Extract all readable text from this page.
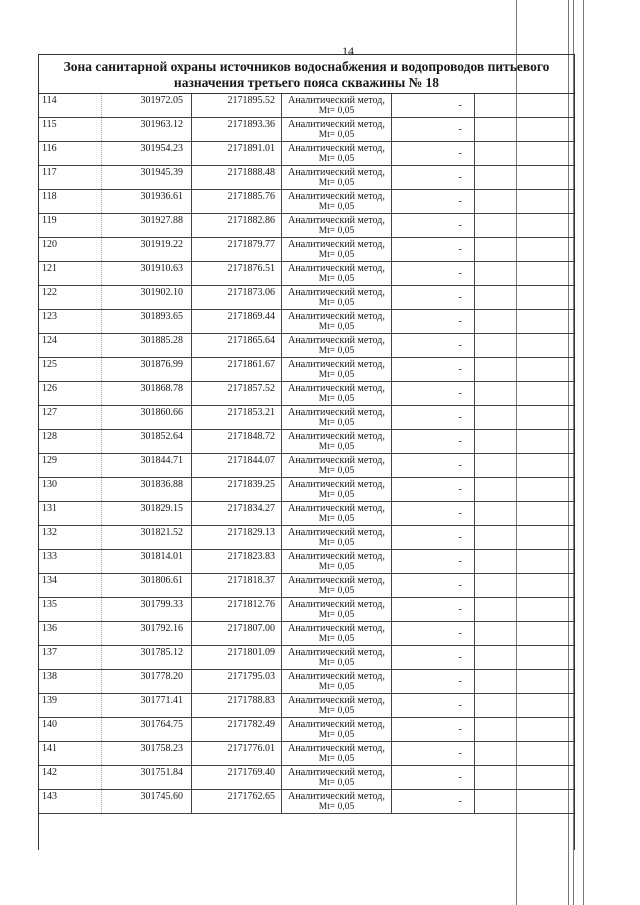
14
Зона санитарной охраны источников водоснабжения и водопроводов питьевого
назначения третьего пояса скважины № 18
114	301972.05	2171895.52	Аналитический метод,
Mt= 0,05	-
115	301963.12	2171893.36	Аналитический метод,
Mt= 0,05	-
116	301954.23	2171891.01	Аналитический метод,
Mt= 0,05	-
117	301945.39	2171888.48	Аналитический метод,
Mt= 0,05	-
118	301936.61	2171885.76	Аналитический метод,
Mt= 0,05	-
119	301927.88	2171882.86	Аналитический метод,
Mt= 0,05	-
120	301919.22	2171879.77	Аналитический метод,
Mt= 0,05	-
121	301910.63	2171876.51	Аналитический метод,
Mt= 0,05	-
122	301902.10	2171873.06	Аналитический метод,
Mt= 0,05	-
123	301893.65	2171869.44	Аналитический метод,
Mt= 0,05	-
124	301885.28	2171865.64	Аналитический метод,
Mt= 0,05	-
125	301876.99	2171861.67	Аналитический метод,
Mt= 0,05	-
126	301868.78	2171857.52	Аналитический метод,
Mt= 0,05	-
127	301860.66	2171853.21	Аналитический метод,
Mt= 0,05	-
128	301852.64	2171848.72	Аналитический метод,
Mt= 0,05	-
129	301844.71	2171844.07	Аналитический метод,
Mt= 0,05	-
130	301836.88	2171839.25	Аналитический метод,
Mt= 0,05	-
131	301829.15	2171834.27	Аналитический метод,
Mt= 0,05	-
132	301821.52	2171829.13	Аналитический метод,
Mt= 0,05	-
133	301814.01	2171823.83	Аналитический метод,
Mt= 0,05	-
134	301806.61	2171818.37	Аналитический метод,
Mt= 0,05	-
135	301799.33	2171812.76	Аналитический метод,
Mt= 0,05	-
136	301792.16	2171807.00	Аналитический метод,
Mt= 0,05	-
137	301785.12	2171801.09	Аналитический метод,
Mt= 0,05	-
138	301778.20	2171795.03	Аналитический метод,
Mt= 0,05	-
139	301771.41	2171788.83	Аналитический метод,
Mt= 0,05	-
140	301764.75	2171782.49	Аналитический метод,
Mt= 0,05	-
141	301758.23	2171776.01	Аналитический метод,
Mt= 0,05	-
142	301751.84	2171769.40	Аналитический метод,
Mt= 0,05	-
143	301745.60	2171762.65	Аналитический метод,
Mt= 0,05	-
